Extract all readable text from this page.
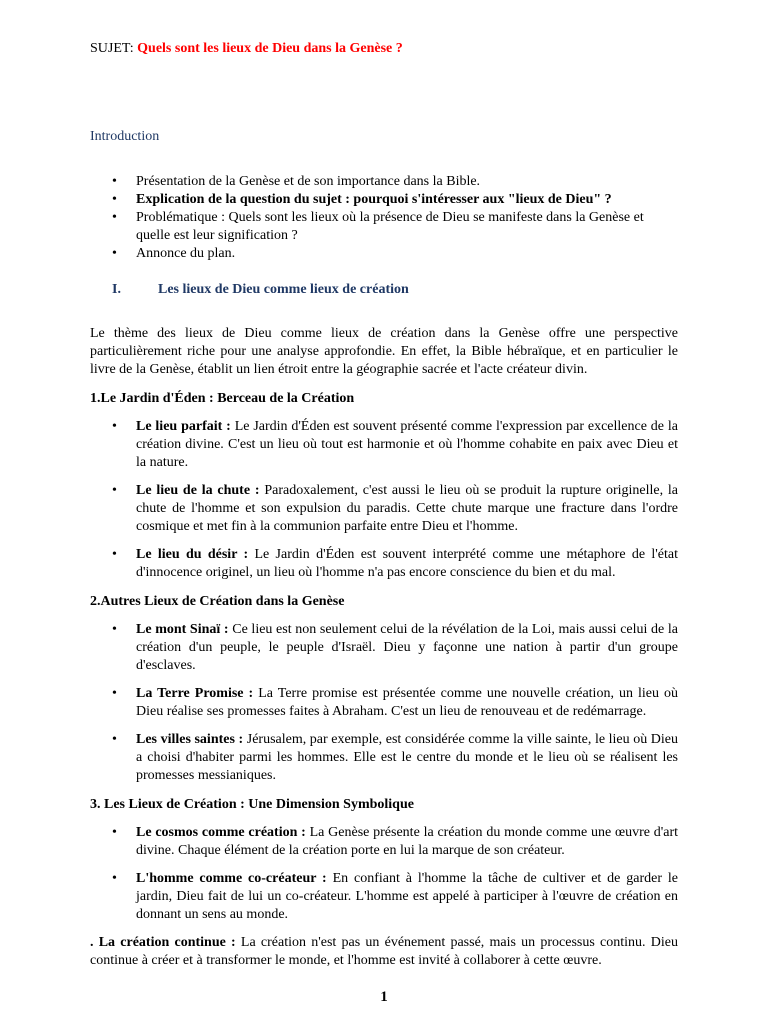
SUJET: Quels sont les lieux de Dieu dans la Genèse ?

Introduction

• Présentation de la Genèse et de son importance dans la Bible.
• Explication de la question du sujet : pourquoi s'intéresser aux "lieux de Dieu" ?
• Problématique : Quels sont les lieux où la présence de Dieu se manifeste dans la Genèse et quelle est leur signification ?
• Annonce du plan.

I.	Les lieux de Dieu comme lieux de création

Le thème des lieux de Dieu comme lieux de création dans la Genèse offre une perspective particulièrement riche pour une analyse approfondie. En effet, la Bible hébraïque, et en particulier le livre de la Genèse, établit un lien étroit entre la géographie sacrée et l'acte créateur divin.

1.Le Jardin d'Éden : Berceau de la Création

• Le lieu parfait : Le Jardin d'Éden est souvent présenté comme l'expression par excellence de la création divine. C'est un lieu où tout est harmonie et où l'homme cohabite en paix avec Dieu et la nature.
• Le lieu de la chute : Paradoxalement, c'est aussi le lieu où se produit la rupture originelle, la chute de l'homme et son expulsion du paradis. Cette chute marque une fracture dans l'ordre cosmique et met fin à la communion parfaite entre Dieu et l'homme.
• Le lieu du désir : Le Jardin d'Éden est souvent interprété comme une métaphore de l'état d'innocence originel, un lieu où l'homme n'a pas encore conscience du bien et du mal.

2.Autres Lieux de Création dans la Genèse

• Le mont Sinaï : Ce lieu est non seulement celui de la révélation de la Loi, mais aussi celui de la création d'un peuple, le peuple d'Israël. Dieu y façonne une nation à partir d'un groupe d'esclaves.
• La Terre Promise : La Terre promise est présentée comme une nouvelle création, un lieu où Dieu réalise ses promesses faites à Abraham. C'est un lieu de renouveau et de redémarrage.
• Les villes saintes : Jérusalem, par exemple, est considérée comme la ville sainte, le lieu où Dieu a choisi d'habiter parmi les hommes. Elle est le centre du monde et le lieu où se réalisent les promesses messianiques.

3. Les Lieux de Création : Une Dimension Symbolique

• Le cosmos comme création : La Genèse présente la création du monde comme une œuvre d'art divine. Chaque élément de la création porte en lui la marque de son créateur.
• L'homme comme co-créateur : En confiant à l'homme la tâche de cultiver et de garder le jardin, Dieu fait de lui un co-créateur. L'homme est appelé à participer à l'œuvre de création en donnant un sens au monde.

. La création continue : La création n'est pas un événement passé, mais un processus continu. Dieu continue à créer et à transformer le monde, et l'homme est invité à collaborer à cette œuvre.

1
